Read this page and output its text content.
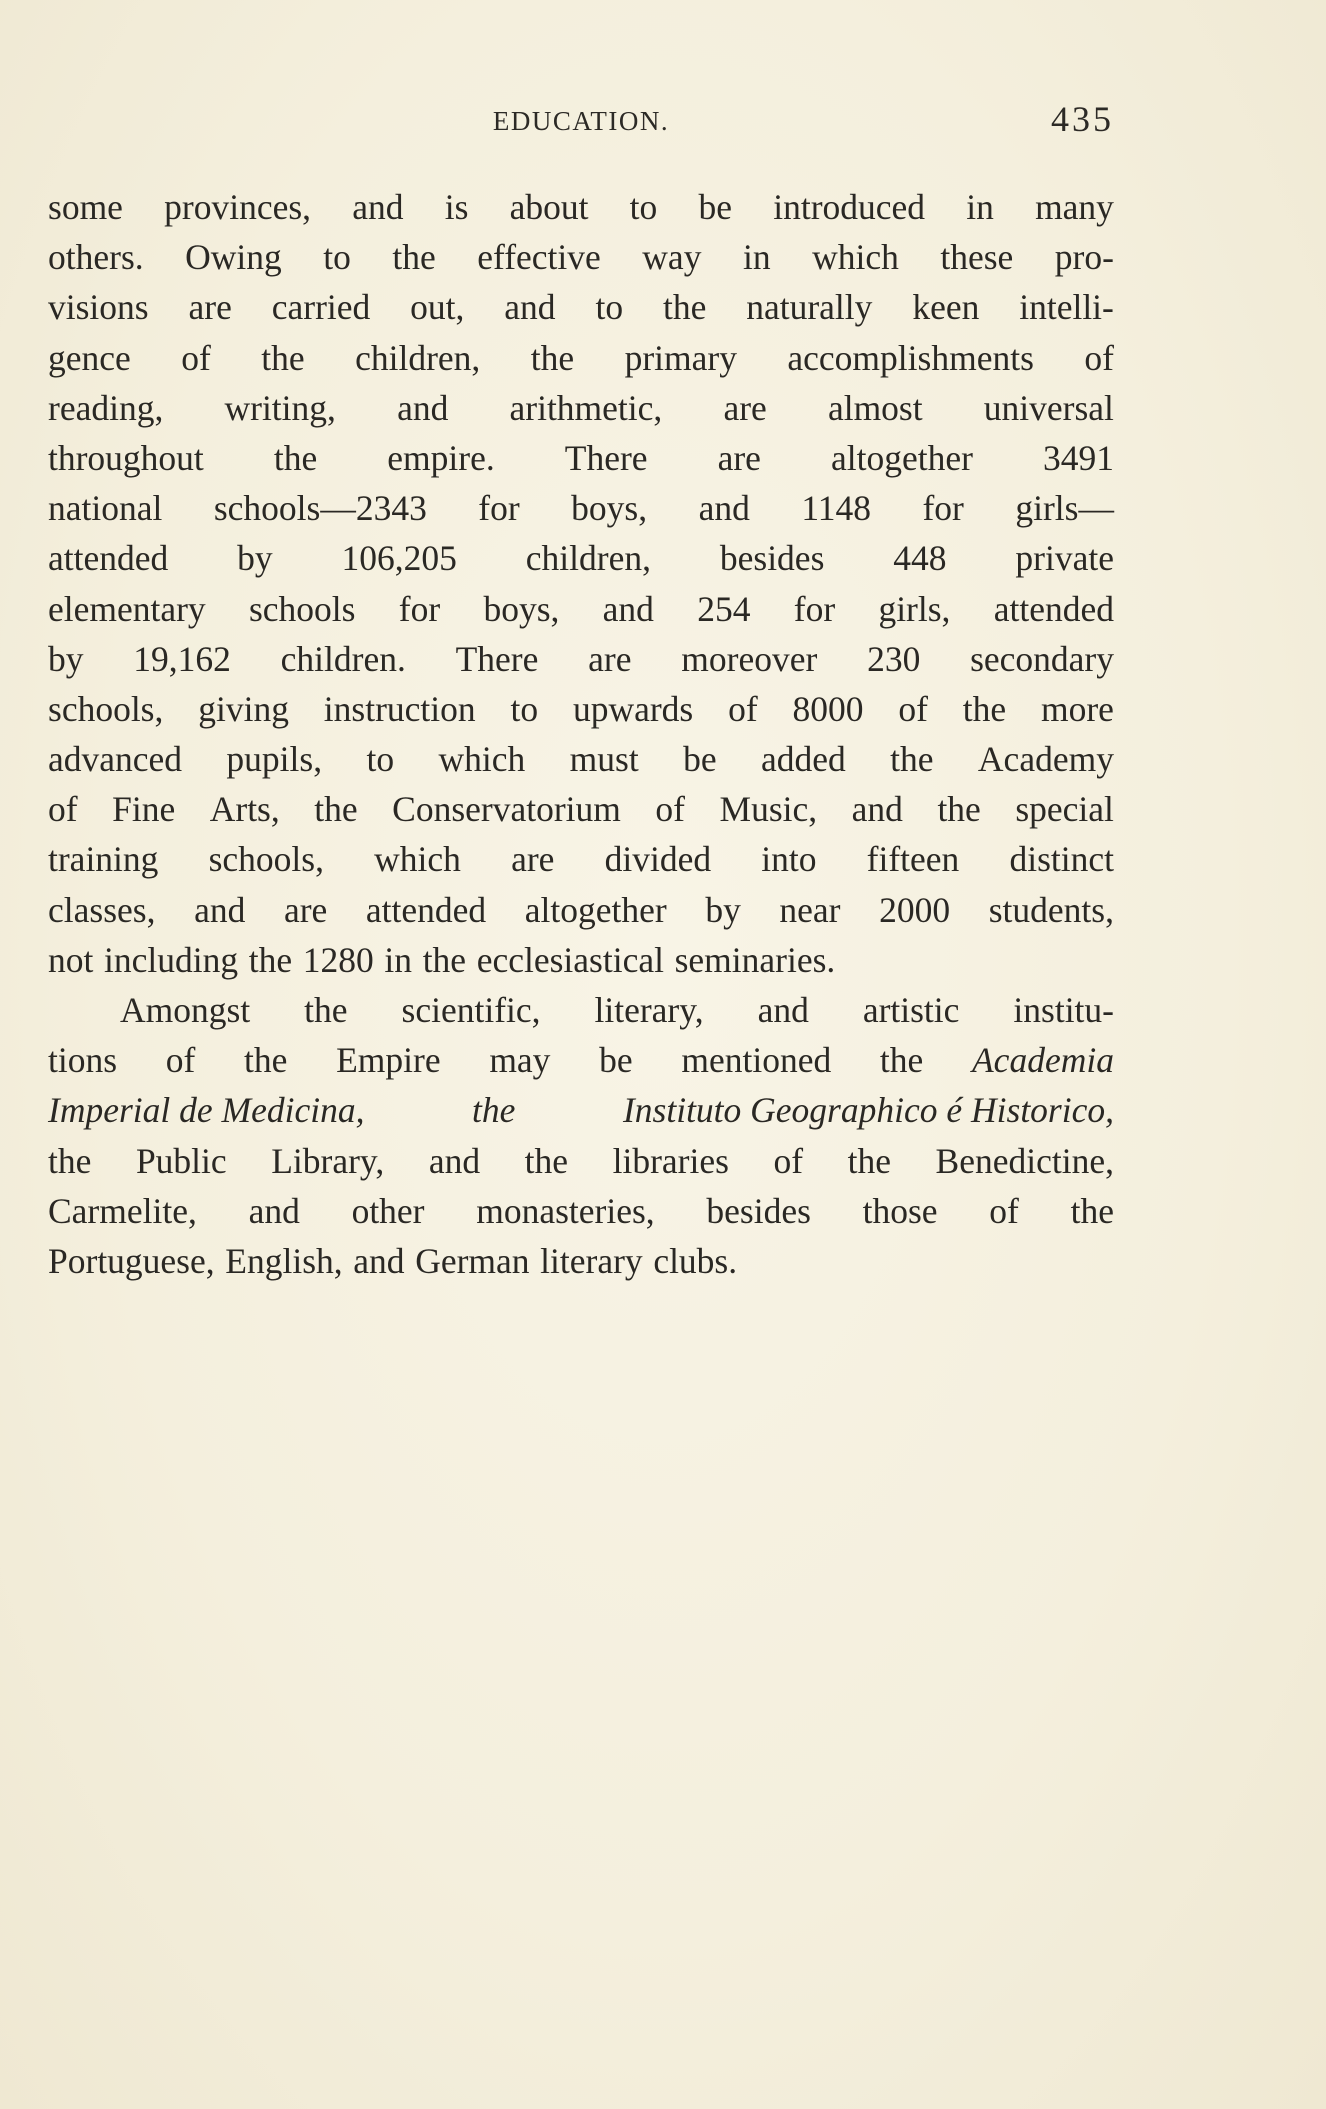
EDUCATION.	435
some provinces, and is about to be introduced in many
others. Owing to the effective way in which these pro-
visions are carried out, and to the naturally keen intelli-
gence of the children, the primary accomplishments of
reading, writing, and arithmetic, are almost universal
throughout the empire. There are altogether 3491
national schools—2343 for boys, and 1148 for girls—
attended by 106,205 children, besides 448 private
elementary schools for boys, and 254 for girls, attended
by 19,162 children. There are moreover 230 secondary
schools, giving instruction to upwards of 8000 of the more
advanced pupils, to which must be added the Academy
of Fine Arts, the Conservatorium of Music, and the special
training schools, which are divided into fifteen distinct
classes, and are attended altogether by near 2000 students,
not including the 1280 in the ecclesiastical seminaries.
Amongst the scientific, literary, and artistic institu-
tions of the Empire may be mentioned the Academia
Imperial de Medicina,	the	Instituto Geographico é Historico,
the Public Library, and the libraries of the Benedictine,
Carmelite, and other monasteries, besides those of the
Portuguese, English, and German literary clubs.
